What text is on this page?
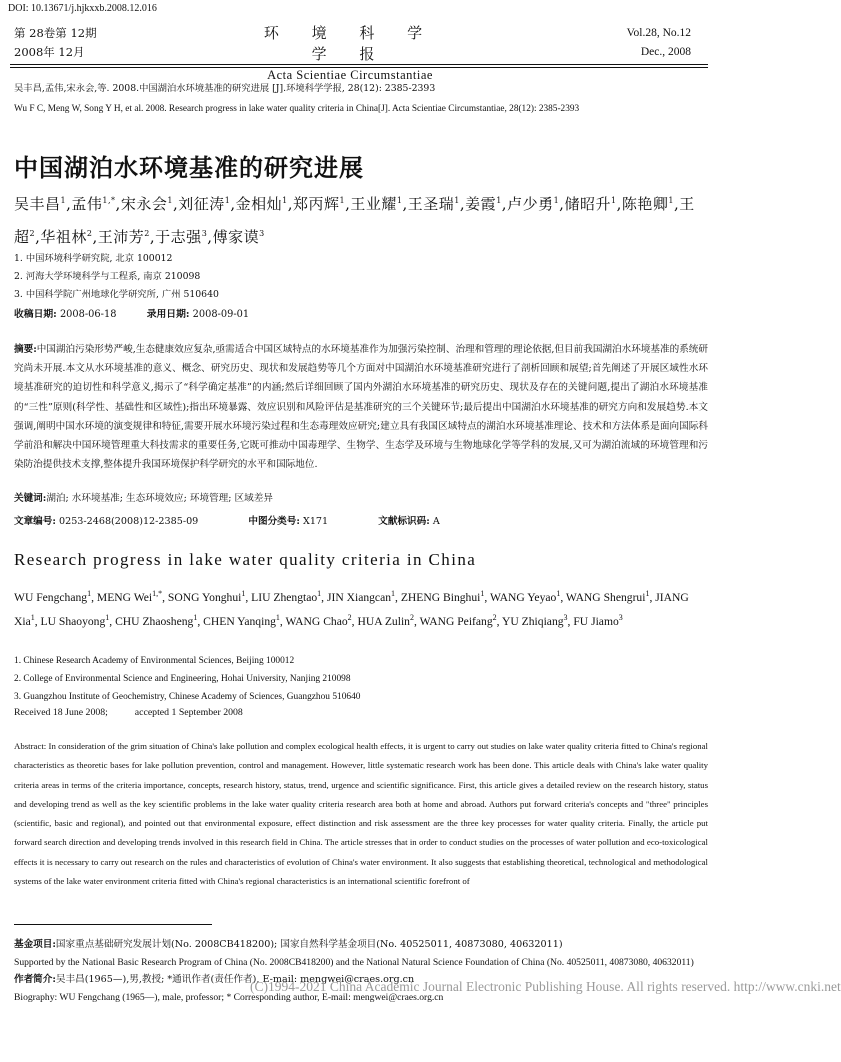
DOI: 10.13671/j.hjkxxb.2008.12.016
第 28卷第 12期
2008年 12月
环 境 科 学 学 报
Acta Scientiae Circumstantiae
Vol.28, No.12
Dec., 2008
吴丰昌,孟伟,宋永会,等. 2008.中国湖泊水环境基准的研究进展 [J].环境科学学报, 28(12): 2385-2393
Wu F C, Meng W, Song Y H, et al. 2008. Research progress in lake water quality criteria in China[J]. Acta Scientiae Circumstantiae, 28(12): 2385-2393
中国湖泊水环境基准的研究进展
吴丰昌$^1$,孟伟$^{1,*}$,宋永会$^1$,刘征涛$^1$,金相灿$^1$,郑丙辉$^1$,王业耀$^1$,王圣瑞$^1$,姜霞$^1$,卢少勇$^1$,储昭升$^1$,陈艳卿$^1$,王超$^2$,华祖林$^2$,王沛芳$^2$,于志强$^3$,傅家谟$^3$
1. 中国环境科学研究院, 北京 100012
2. 河海大学环境科学与工程系, 南京 210098
3. 中国科学院广州地球化学研究所, 广州 510640
收稿日期: 2008-06-18	录用日期: 2008-09-01
摘要:中国湖泊污染形势严峻,生态健康效应复杂,亟需适合中国区域特点的水环境基准作为加强污染控制、治理和管理的理论依据,但目前我国湖泊水环境基准的系统研究尚未开展.本文从水环境基准的意义、概念、研究历史、现状和发展趋势等几个方面对中国湖泊水环境基准研究进行了剖析回顾和展望;首先阐述了开展区域性水环境基准研究的迫切性和科学意义,揭示了“科学确定基准”的内涵;然后详细回顾了国内外湖泊水环境基准的研究历史、现状及存在的关键问题,提出了湖泊水环境基准的“三性”原则(科学性、基础性和区域性);指出环境暴露、效应识别和风险评估是基准研究的三个关键环节;最后提出中国湖泊水环境基准的研究方向和发展趋势.本文强调,阐明中国水环境的演变规律和特征,需要开展水环境污染过程和生态毒理效应研究;建立具有我国区域特点的湖泊水环境基准理论、技术和方法体系是面向国际科学前沿和解决中国环境管理重大科技需求的重要任务,它既可推动中国毒理学、生物学、生态学及环境与生物地球化学等学科的发展,又可为湖泊流域的环境管理和污染防治提供技术支撑,整体提升我国环境保护科学研究的水平和国际地位.
关键词:湖泊; 水环境基准; 生态环境效应; 环境管理; 区域差异
文章编号: 0253-2468(2008)12-2385-09	中图分类号: X171	文献标识码: A
Research progress in lake water quality criteria in China
WU Fengchang$^1$, MENG Wei$^{1,*}$, SONG Yonghui$^1$, LIU Zhengtao$^1$, JIN Xiangcan$^1$, ZHENG Binghui$^1$, WANG Yeyao$^1$, WANG Shengrui$^1$, JIANG Xia$^1$, LU Shaoyong$^1$, CHU Zhaosheng$^1$, CHEN Yanqing$^1$, WANG Chao$^2$, HUA Zulin$^2$, WANG Peifang$^2$, YU Zhiqiang$^3$, FU Jiamo$^3$
1. Chinese Research Academy of Environmental Sciences, Beijing 100012
2. College of Environmental Science and Engineering, Hohai University, Nanjing 210098
3. Guangzhou Institute of Geochemistry, Chinese Academy of Sciences, Guangzhou 510640
Received 18 June 2008;	accepted 1 September 2008
Abstract: In consideration of the grim situation of China's lake pollution and complex ecological health effects, it is urgent to carry out studies on lake water quality criteria fitted to China's regional characteristics as theoretic bases for lake pollution prevention, control and management. However, little systematic research work has been done. This article deals with China's lake water quality criteria areas in terms of the criteria importance, concepts, research history, status, trend, urgence and scientific significance. First, this article gives a detailed review on the research history, status and developing trend as well as the key scientific problems in the lake water quality criteria research area both at home and abroad. Authors put forward criteria's concepts and "three" principles (scientific, basic and regional), and pointed out that environmental exposure, effect distinction and risk assessment are the three key processes for water quality criteria. Finally, the article put forward search direction and developing trends involved in this research field in China. The article stresses that in order to conduct studies on the processes of water pollution and eco-toxicological effects it is necessary to carry out research on the rules and characteristics of evolution of China's water environment. It also suggests that establishing theoretical, technological and methodological systems of the lake water environment criteria fitted with China's regional characteristics is an international scientific forefront of
基金项目:国家重点基础研究发展计划(No. 2008CB418200); 国家自然科学基金项目(No. 40525011, 40873080, 40632011)
Supported by the National Basic Research Program of China (No. 2008CB418200) and the National Natural Science Foundation of China (No. 40525011, 40873080, 40632011)
作者简介:吴丰昌(1965—),男,教授; *通讯作者(责任作者), E-mail: mengwei@craes.org.cn
Biography: WU Fengchang (1965—), male, professor; * Corresponding author, E-mail: mengwei@craes.org.cn
(C)1994-2021 China Academic Journal Electronic Publishing House. All rights reserved. http://www.cnki.net
